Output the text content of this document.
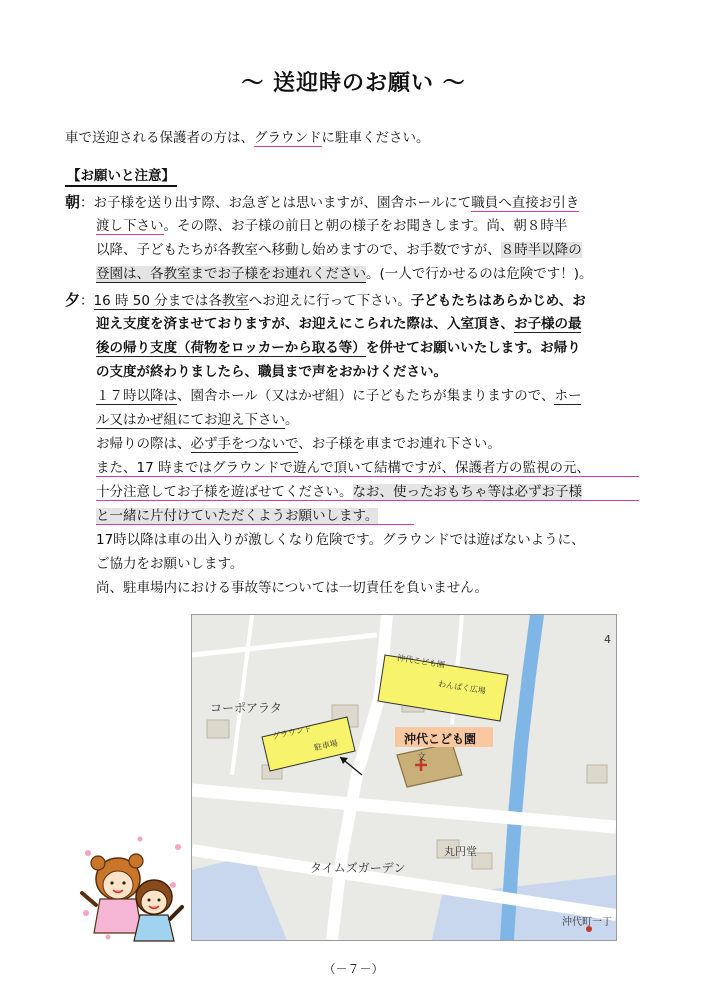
～ 送迎時のお願い ～
車で送迎される保護者の方は、グラウンドに駐車ください。
【お願いと注意】
朝：お子様を送り出す際、お急ぎとは思いますが、園舎ホールにて職員へ直接お引き
渡し下さい。その際、お子様の前日と朝の様子をお聞きします。尚、朝８時半
以降、子どもたちが各教室へ移動し始めますので、お手数ですが、８時半以降の
登園は、各教室までお子様をお連れください。(一人で行かせるのは危険です！)。
夕：16 時 50 分までは各教室へお迎えに行って下さい。子どもたちはあらかじめ、お
迎え支度を済ませておりますが、お迎えにこられた際は、入室頂き、お子様の最
後の帰り支度（荷物をロッカーから取る等）を併せてお願いいたします。お帰り
の支度が終わりましたら、職員まで声をおかけください。
１７時以降は、園舎ホール（又はかぜ組）に子どもたちが集まりますので、ホー
ル又はかぜ組にてお迎え下さい。
お帰りの際は、必ず手をつないで、お子様を車までお連れ下さい。
また、17 時まではグラウンドで遊んで頂いて結構ですが、保護者方の監視の元、
十分注意してお子様を遊ばせてください。なお、使ったおもちゃ等は必ずお子様
と一緒に片付けていただくようお願いします。
17時以降は車の出入りが激しくなり危険です。グラウンドでは遊ばないように、
ご協力をお願いします。
尚、駐車場内における事故等については一切責任を負いません。
沖代こども園
わんぱく広場
グラウンド
駐車場	沖代こども園
文
コーポアラタ
丸円堂
タイムズガーデン
沖代町一丁
4
（－７－）
